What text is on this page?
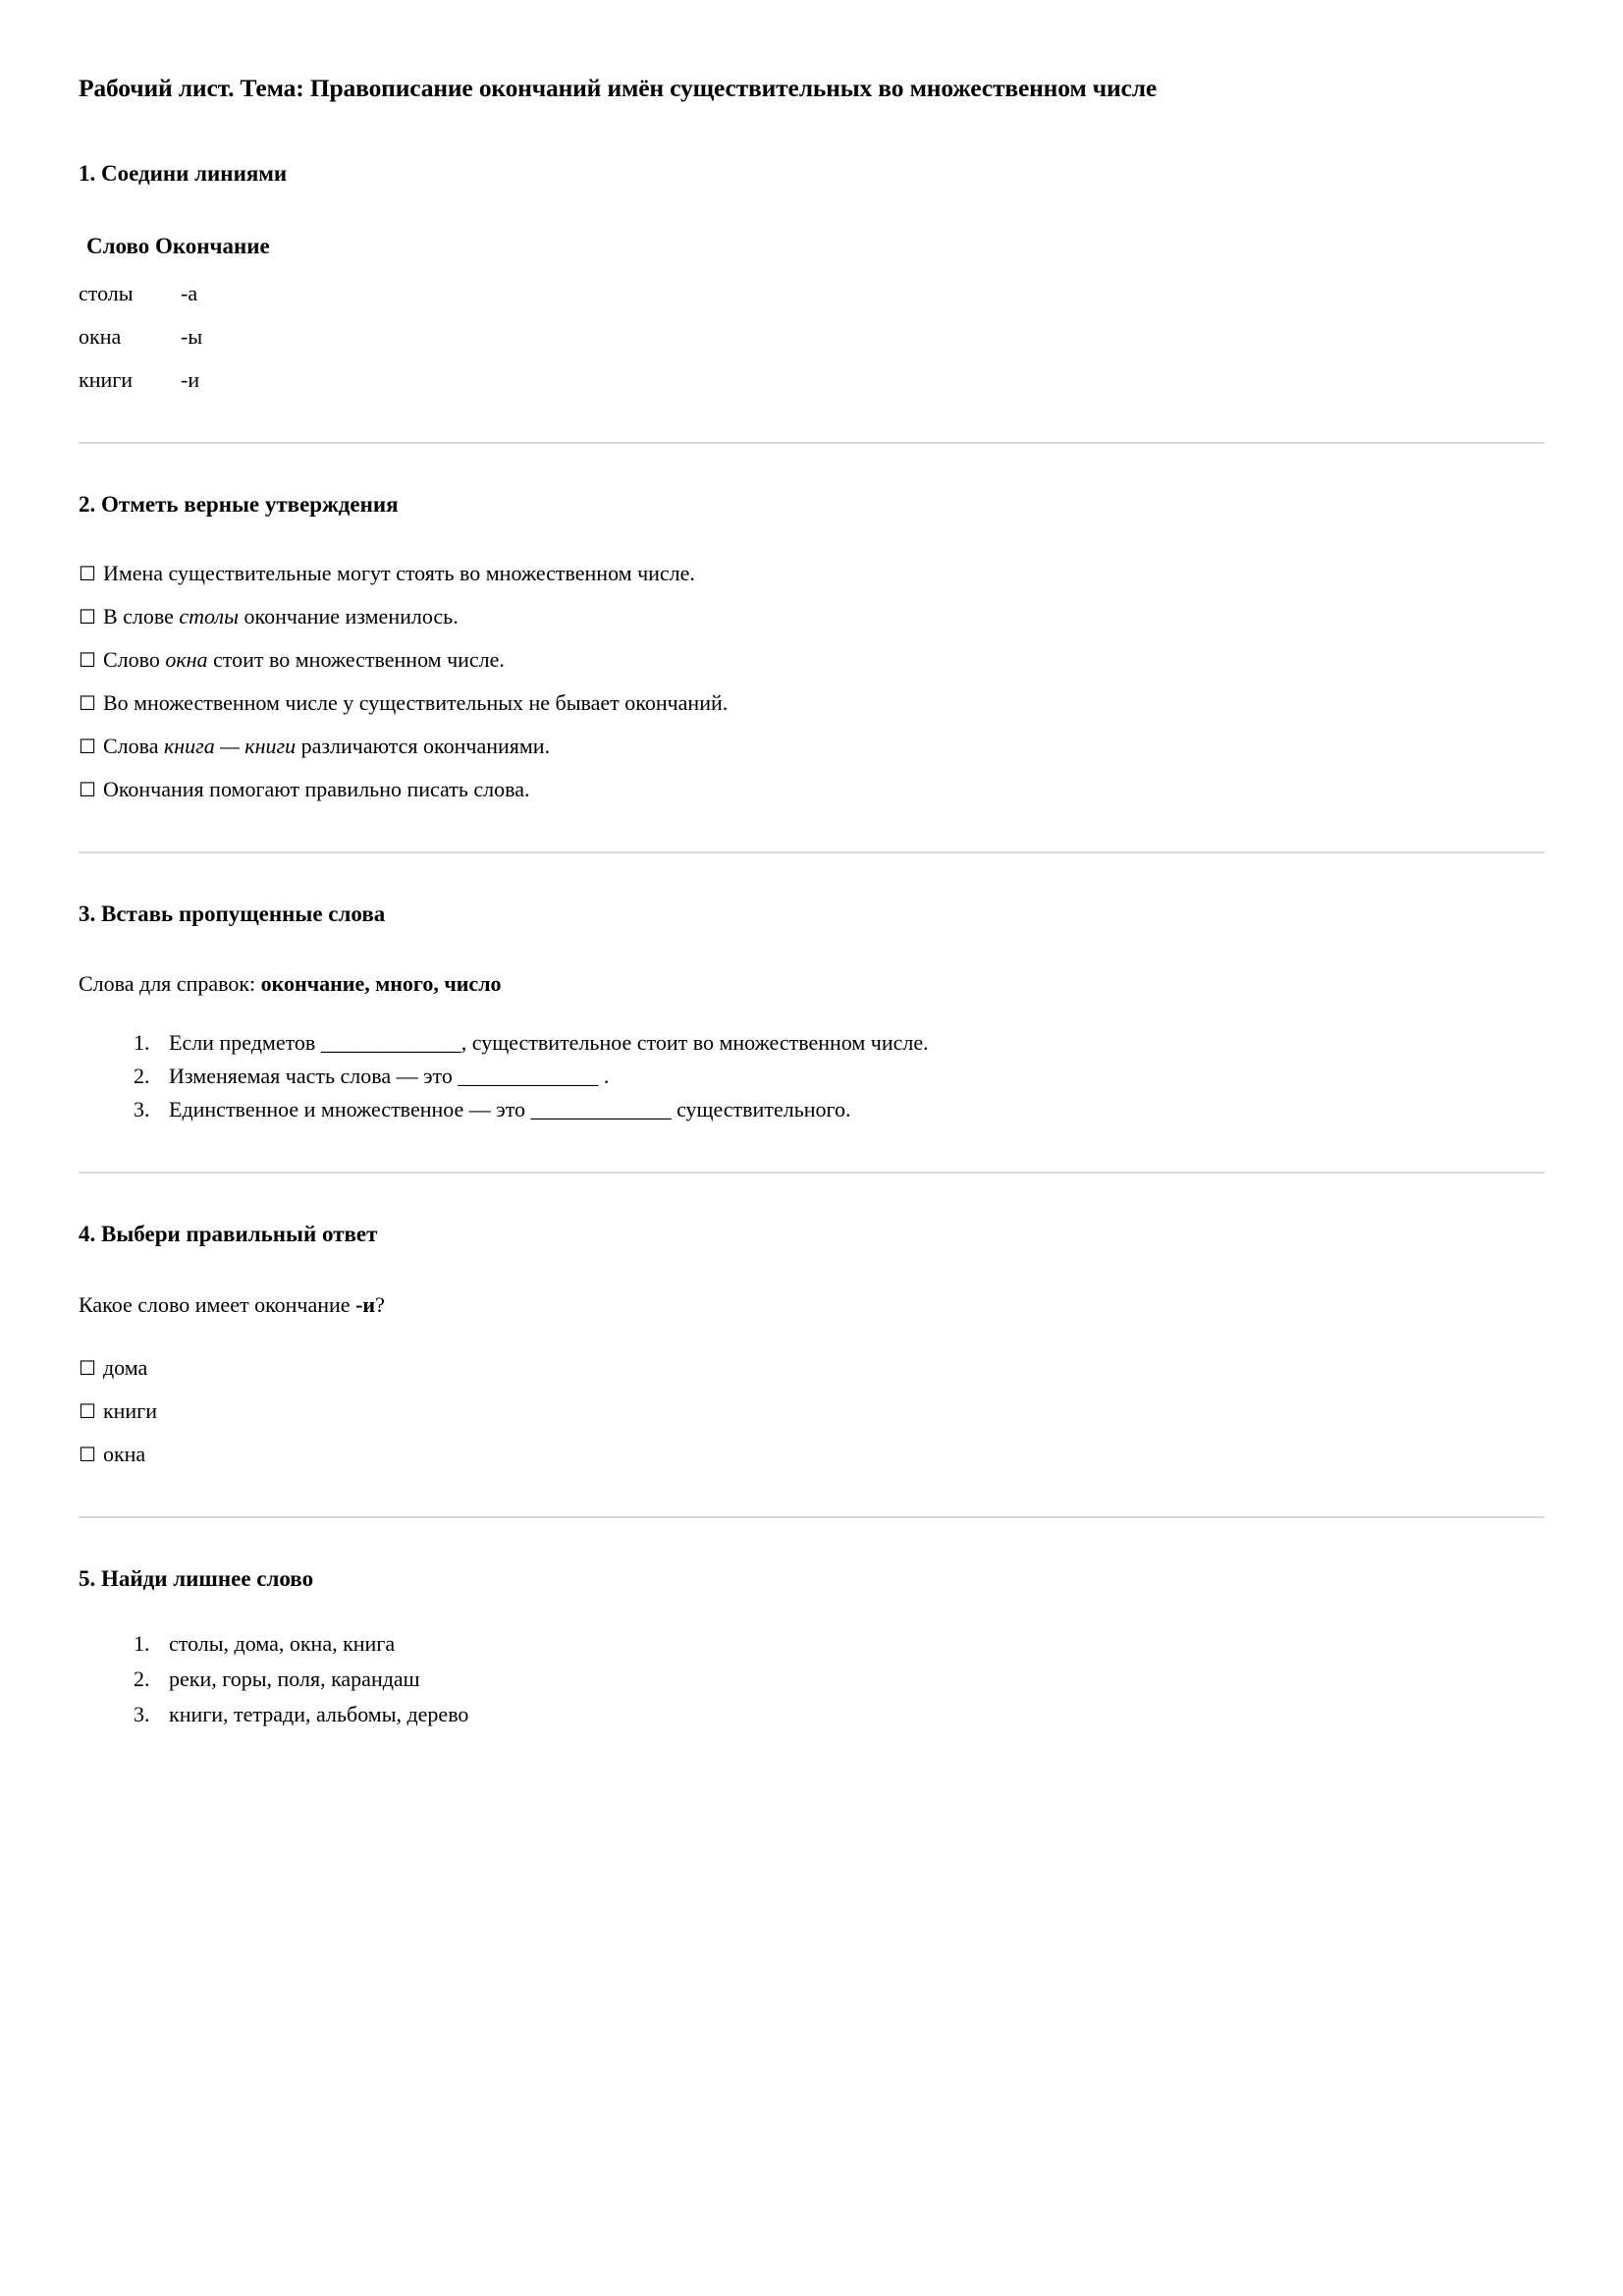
Рабочий лист. Тема: Правописание окончаний имён существительных во множественном числе
1. Соедини линиями
Слово Окончание
столы	-а
окна	-ы
книги	-и
2. Отметь верные утверждения
☐ Имена существительные могут стоять во множественном числе.
☐ В слове столы окончание изменилось.
☐ Слово окна стоит во множественном числе.
☐ Во множественном числе у существительных не бывает окончаний.
☐ Слова книга — книги различаются окончаниями.
☐ Окончания помогают правильно писать слова.
3. Вставь пропущенные слова
Слова для справок: окончание, много, число
1. Если предметов _____________, существительное стоит во множественном числе.
2. Изменяемая часть слова — это _____________ .
3. Единственное и множественное — это _____________ существительного.
4. Выбери правильный ответ
Какое слово имеет окончание -и?
☐ дома
☐ книги
☐ окна
5. Найди лишнее слово
1. столы, дома, окна, книга
2. реки, горы, поля, карандаш
3. книги, тетради, альбомы, дерево
